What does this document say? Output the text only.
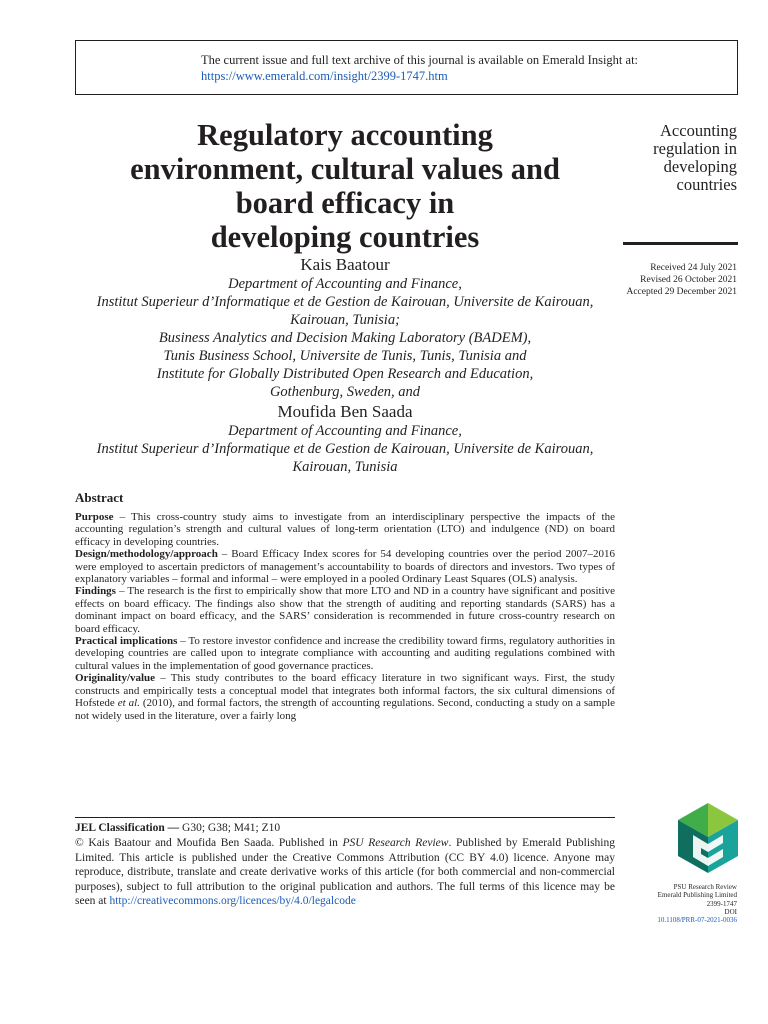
The current issue and full text archive of this journal is available on Emerald Insight at:
https://www.emerald.com/insight/2399-1747.htm
Regulatory accounting
environment, cultural values and
board efficacy in
developing countries
Accounting
regulation in
developing
countries
Received 24 July 2021
Revised 26 October 2021
Accepted 29 December 2021
Kais Baatour
Department of Accounting and Finance,
Institut Superieur d’Informatique et de Gestion de Kairouan, Universite de Kairouan,
Kairouan, Tunisia;
Business Analytics and Decision Making Laboratory (BADEM),
Tunis Business School, Universite de Tunis, Tunis, Tunisia and
Institute for Globally Distributed Open Research and Education,
Gothenburg, Sweden, and
Moufida Ben Saada
Department of Accounting and Finance,
Institut Superieur d’Informatique et de Gestion de Kairouan, Universite de Kairouan,
Kairouan, Tunisia
Abstract

Purpose – This cross-country study aims to investigate from an interdisciplinary perspective the impacts of the accounting regulation’s strength and cultural values of long-term orientation (LTO) and indulgence (ND) on board efficacy in developing countries.

Design/methodology/approach – Board Efficacy Index scores for 54 developing countries over the period 2007–2016 were employed to ascertain predictors of management’s accountability to boards of directors and investors. Two types of explanatory variables – formal and informal – were employed in a pooled Ordinary Least Squares (OLS) analysis.

Findings – The research is the first to empirically show that more LTO and ND in a country have significant and positive effects on board efficacy. The findings also show that the strength of auditing and reporting standards (SARS) has a dominant impact on board efficacy, and the SARS’ consideration is recommended in future cross-country research on board efficacy.

Practical implications – To restore investor confidence and increase the credibility toward firms, regulatory authorities in developing countries are called upon to integrate compliance with accounting and auditing regulations combined with cultural values in the implementation of good governance practices.

Originality/value – This study contributes to the board efficacy literature in two significant ways. First, the study constructs and empirically tests a conceptual model that integrates both informal factors, the six cultural dimensions of Hofstede et al. (2010), and formal factors, the strength of accounting regulations. Second, conducting a study on a sample not widely used in the literature, over a fairly long

JEL Classification — G30; G38; M41; Z10

© Kais Baatour and Moufida Ben Saada. Published in PSU Research Review. Published by Emerald Publishing Limited. This article is published under the Creative Commons Attribution (CC BY 4.0) licence. Anyone may reproduce, distribute, translate and create derivative works of this article (for both commercial and non-commercial purposes), subject to full attribution to the original publication and authors. The full terms of this licence may be seen at http://creativecommons.org/licences/by/4.0/legalcode

PSU Research Review
Emerald Publishing Limited
2399-1747
DOI
10.1108/PRR-07-2021-0036
